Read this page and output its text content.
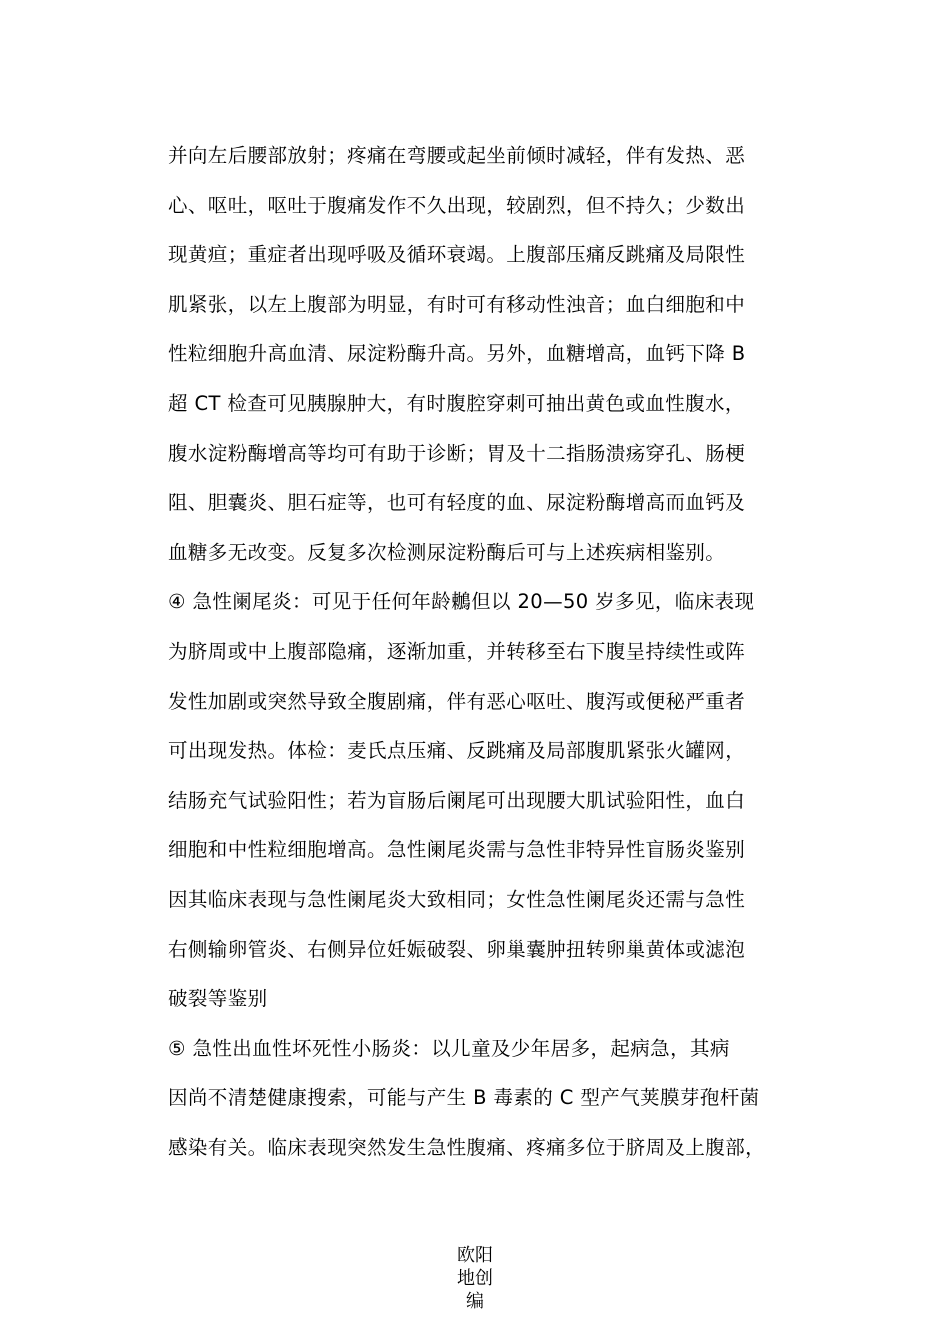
并向左后腰部放射；疼痛在弯腰或起坐前倾时减轻，伴有发热、恶
心、呕吐，呕吐于腹痛发作不久出现，较剧烈，但不持久；少数出
现黄疸；重症者出现呼吸及循环衰竭。上腹部压痛反跳痛及局限性
肌紧张，以左上腹部为明显，有时可有移动性浊音；血白细胞和中
性粒细胞升高血清、尿淀粉酶升高。另外，血糖增高，血钙下降 B
超 CT 检查可见胰腺肿大，有时腹腔穿刺可抽出黄色或血性腹水，
腹水淀粉酶增高等均可有助于诊断；胃及十二指肠溃疡穿孔、肠梗
阻、胆囊炎、胆石症等，也可有轻度的血、尿淀粉酶增高而血钙及
血糖多无改变。反复多次检测尿淀粉酶后可与上述疾病相鉴别。
④ 急性阑尾炎：可见于任何年龄鶒但以 20—50 岁多见，临床表现
为脐周或中上腹部隐痛，逐渐加重，并转移至右下腹呈持续性或阵
发性加剧或突然导致全腹剧痛，伴有恶心呕吐、腹泻或便秘严重者
可出现发热。体检：麦氏点压痛、反跳痛及局部腹肌紧张火罐网，
结肠充气试验阳性；若为盲肠后阑尾可出现腰大肌试验阳性，血白
细胞和中性粒细胞增高。急性阑尾炎需与急性非特异性盲肠炎鉴别
因其临床表现与急性阑尾炎大致相同；女性急性阑尾炎还需与急性
右侧输卵管炎、右侧异位妊娠破裂、卵巢囊肿扭转卵巢黄体或滤泡
破裂等鉴别
⑤ 急性出血性坏死性小肠炎：以儿童及少年居多，起病急，其病
因尚不清楚健康搜索，可能与产生 B 毒素的 C 型产气荚膜芽孢杆菌
感染有关。临床表现突然发生急性腹痛、疼痛多位于脐周及上腹部，
欧阳
地创
编
